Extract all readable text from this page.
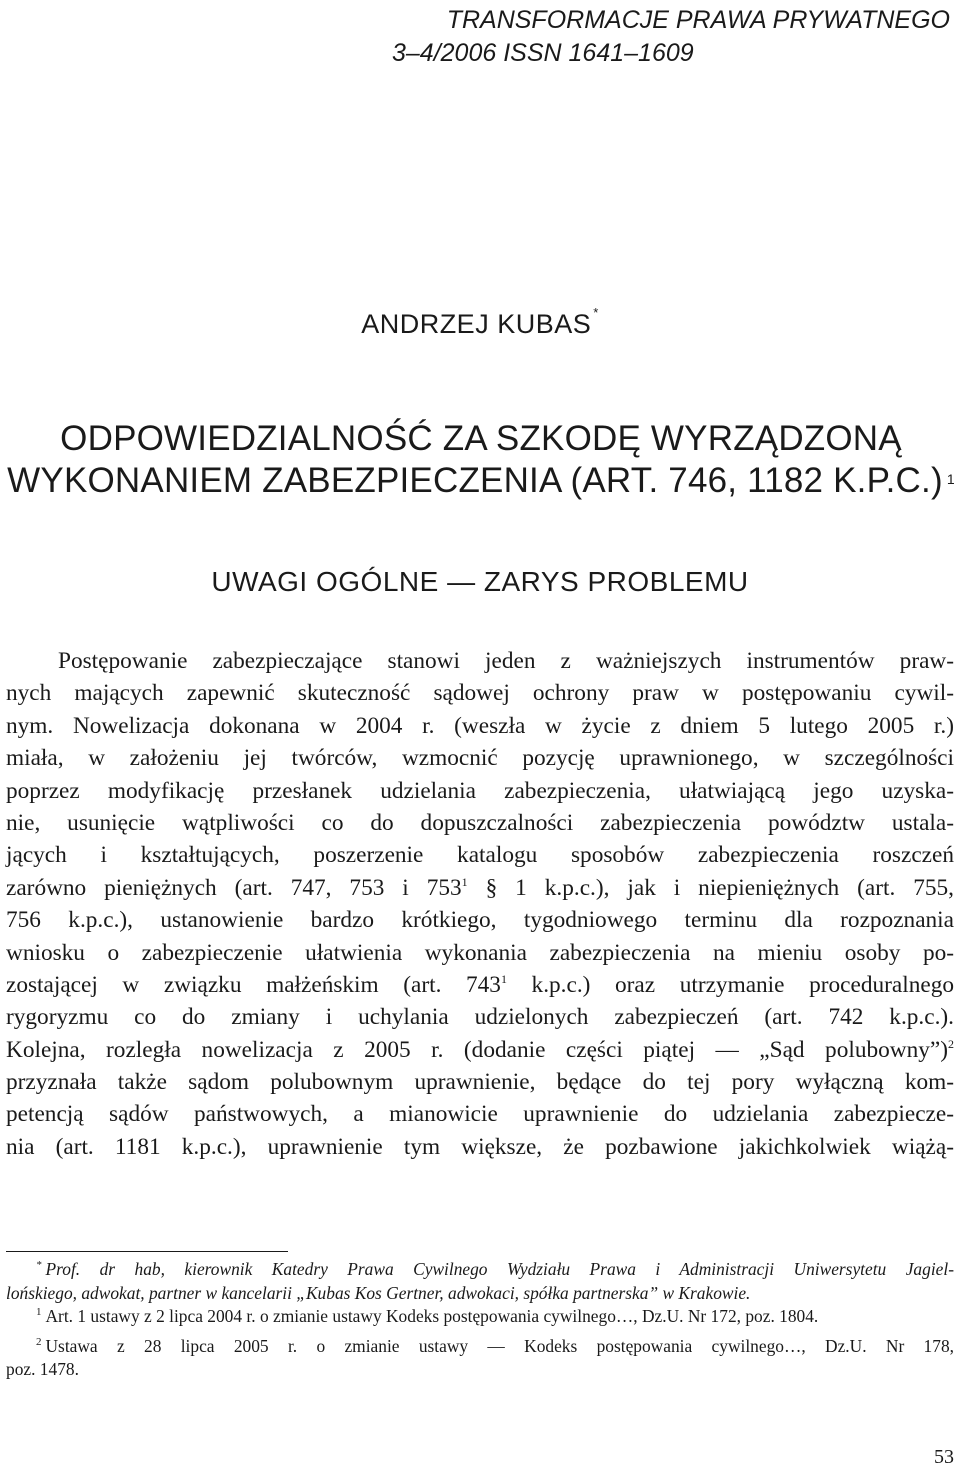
TRANSFORMACJE PRAWA PRYWATNEGO
3–4/2006 ISSN 1641–1609
ANDRZEJ KUBAS *
ODPOWIEDZIALNOŚĆ ZA SZKODĘ WYRZĄDZONĄ
WYKONANIEM ZABEZPIECZENIA (ART. 746, 1182 K.P.C.) $^1$
UWAGI OGÓLNE — ZARYS PROBLEMU
Postępowanie zabezpieczające stanowi jeden z ważniejszych instrumentów praw-
nych mających zapewnić skuteczność sądowej ochrony praw w postępowaniu cywil-
nym. Nowelizacja dokonana w 2004 r. (weszła w życie z dniem 5 lutego 2005 r.)
miała, w założeniu jej twórców, wzmocnić pozycję uprawnionego, w szczególności
poprzez modyfikację przesłanek udzielania zabezpieczenia, ułatwiającą jego uzyska-
nie, usunięcie wątpliwości co do dopuszczalności zabezpieczenia powództw ustala-
jących i kształtujących, poszerzenie katalogu sposobów zabezpieczenia roszczeń
zarówno pieniężnych (art. 747, 753 i $753^1$ § 1 k.p.c.), jak i niepieniężnych (art. 755,
756 k.p.c.), ustanowienie bardzo krótkiego, tygodniowego terminu dla rozpoznania
wniosku o zabezpieczenie ułatwienia wykonania zabezpieczenia na mieniu osoby po-
zostającej w związku małżeńskim (art. $743^1$ k.p.c.) oraz utrzymanie proceduralnego
rygoryzmu co do zmiany i uchylania udzielonych zabezpieczeń (art. 742 k.p.c.).
Kolejna, rozległa nowelizacja z 2005 r. (dodanie części piątej — „Sąd polubowny”)$^2$
przyznała także sądom polubownym uprawnienie, będące do tej pory wyłączną kom-
petencją sądów państwowych, a mianowicie uprawnienie do udzielania zabezpiecze-
nia (art. 1181 k.p.c.), uprawnienie tym większe, że pozbawione jakichkolwiek wiążą-
* Prof. dr hab, kierownik Katedry Prawa Cywilnego Wydziału Prawa i Administracji Uniwersytetu Jagiel-
lońskiego, adwokat, partner w kancelarii „Kubas Kos Gertner, adwokaci, spółka partnerska” w Krakowie.
$^1$ Art. 1 ustawy z 2 lipca 2004 r. o zmianie ustawy Kodeks postępowania cywilnego…, Dz.U. Nr 172, poz. 1804.
$^2$ Ustawa z 28 lipca 2005 r. o zmianie ustawy — Kodeks postępowania cywilnego…, Dz.U. Nr 178,
poz. 1478.
53
